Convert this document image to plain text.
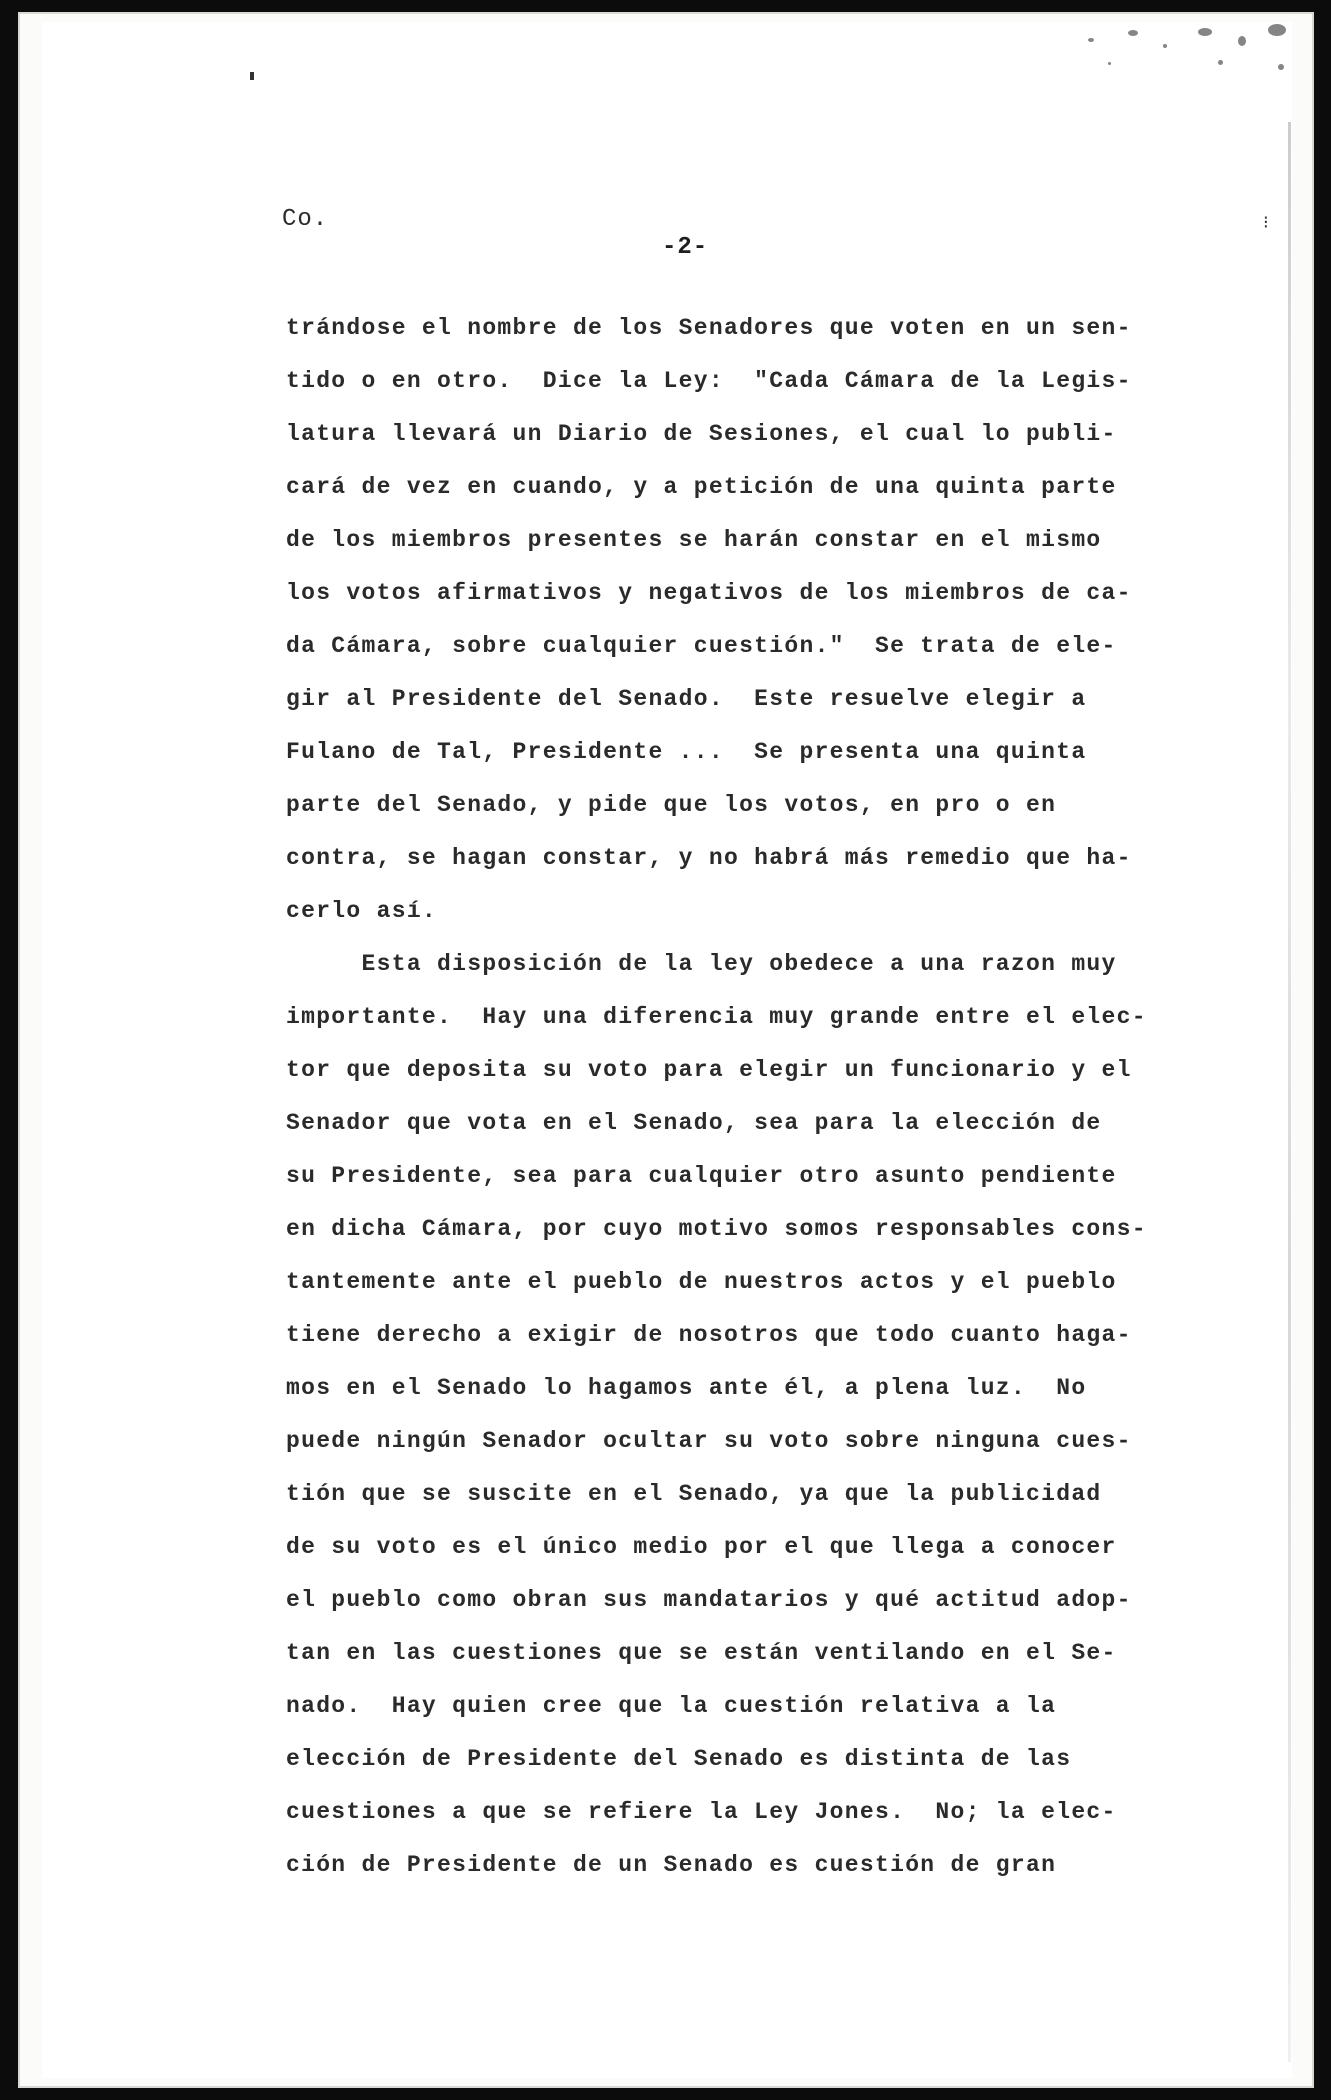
Co.
-2-
⁝
trándose el nombre de los Senadores que voten en un sen-
tido o en otro.  Dice la Ley:  "Cada Cámara de la Legis-
latura llevará un Diario de Sesiones, el cual lo publi-
cará de vez en cuando, y a petición de una quinta parte
de los miembros presentes se harán constar en el mismo
los votos afirmativos y negativos de los miembros de ca-
da Cámara, sobre cualquier cuestión."  Se trata de ele-
gir al Presidente del Senado.  Este resuelve elegir a
Fulano de Tal, Presidente ...  Se presenta una quinta
parte del Senado, y pide que los votos, en pro o en
contra, se hagan constar, y no habrá más remedio que ha-
cerlo así.
Esta disposición de la ley obedece a una razon muy
importante.  Hay una diferencia muy grande entre el elec-
tor que deposita su voto para elegir un funcionario y el
Senador que vota en el Senado, sea para la elección de
su Presidente, sea para cualquier otro asunto pendiente
en dicha Cámara, por cuyo motivo somos responsables cons-
tantemente ante el pueblo de nuestros actos y el pueblo
tiene derecho a exigir de nosotros que todo cuanto haga-
mos en el Senado lo hagamos ante él, a plena luz.  No
puede ningún Senador ocultar su voto sobre ninguna cues-
tión que se suscite en el Senado, ya que la publicidad
de su voto es el único medio por el que llega a conocer
el pueblo como obran sus mandatarios y qué actitud adop-
tan en las cuestiones que se están ventilando en el Se-
nado.  Hay quien cree que la cuestión relativa a la
elección de Presidente del Senado es distinta de las
cuestiones a que se refiere la Ley Jones.  No; la elec-
ción de Presidente de un Senado es cuestión de gran
